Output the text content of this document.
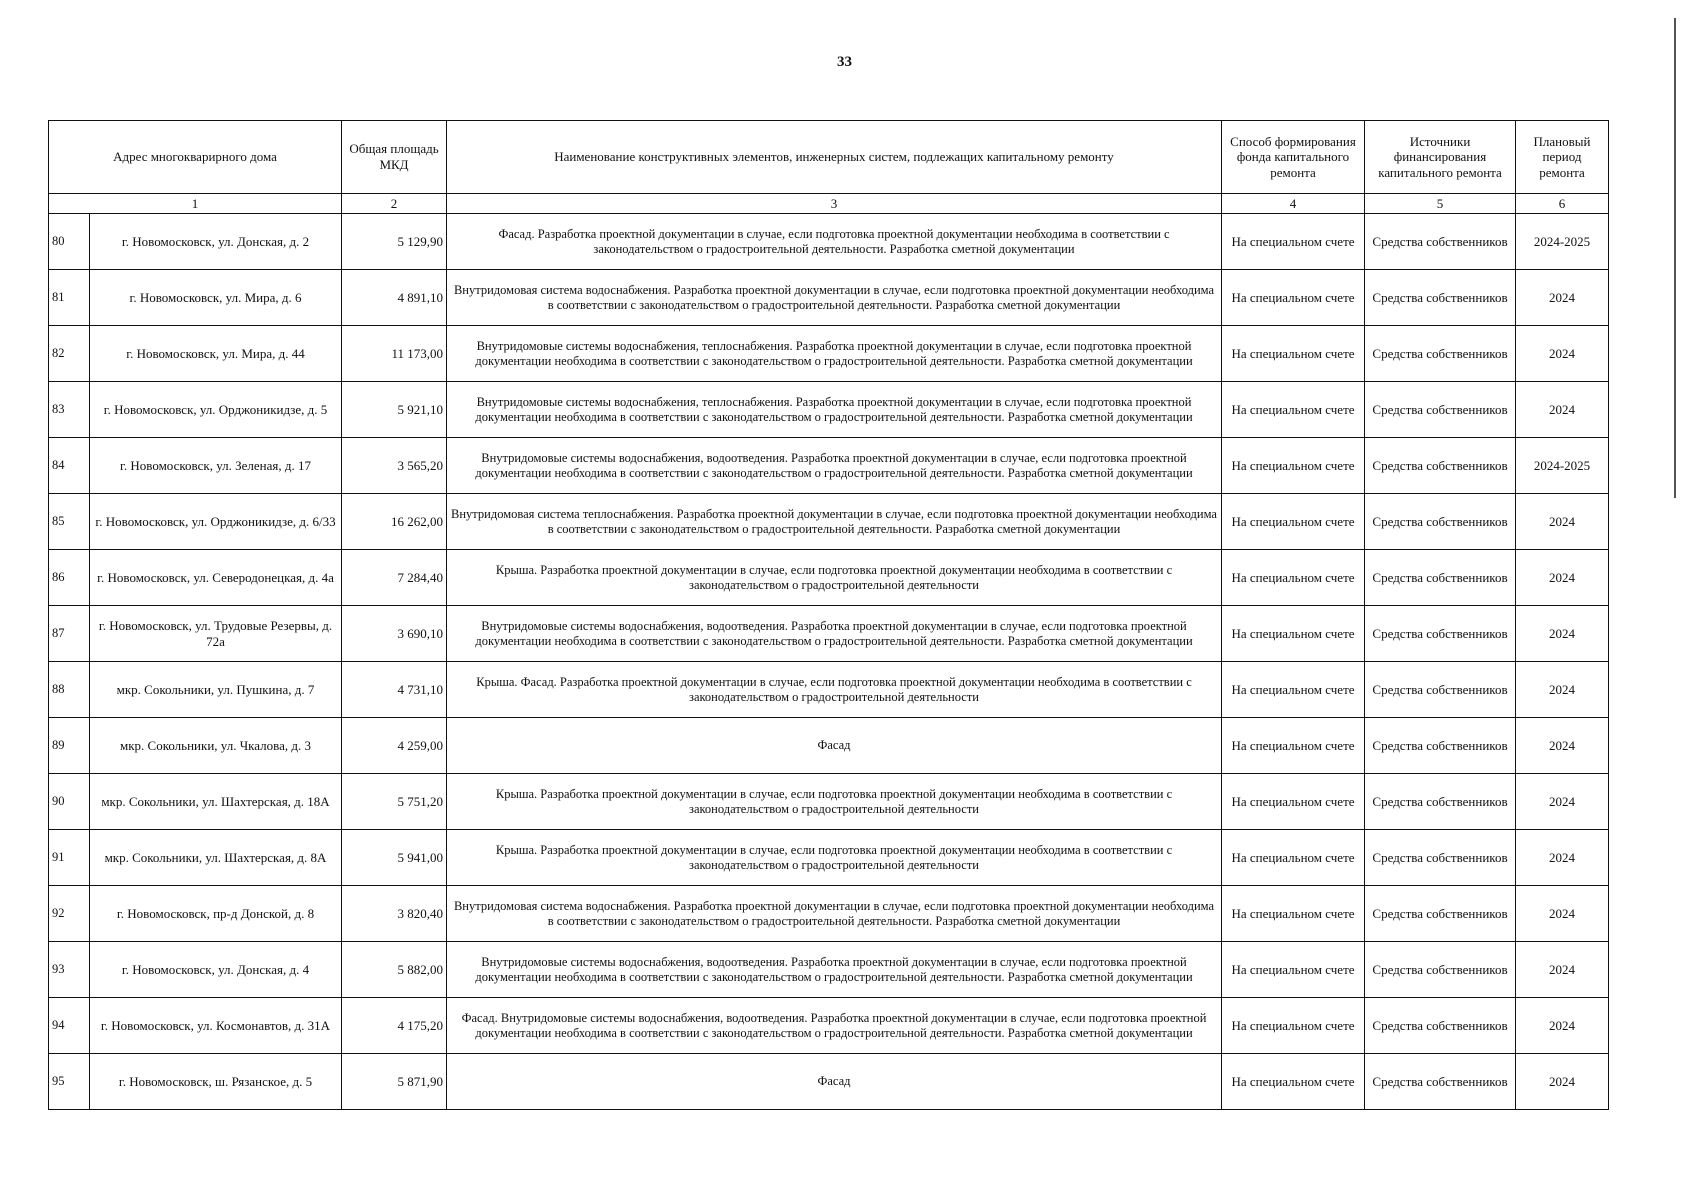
33
Адрес многокварирного дома		Общая площадь МКД	Наименование конструктивных элементов, инженерных систем, подлежащих капитальному ремонту	Способ формирования фонда капитального ремонта	Источники финансирования капитального ремонта	Плановый период ремонта
1		2	3	4	5	6
80	г. Новомосковск, ул. Донская, д. 2	5 129,90	Фасад. Разработка проектной документации в случае, если подготовка проектной документации необходима в соответствии с законодательством о градостроительной деятельности. Разработка сметной документации	На специальном счете	Средства собственников	2024-2025
81	г. Новомосковск, ул. Мира, д. 6	4 891,10	Внутридомовая система водоснабжения. Разработка проектной документации в случае, если подготовка проектной документации необходима в соответствии с законодательством о градостроительной деятельности. Разработка сметной документации	На специальном счете	Средства собственников	2024
82	г. Новомосковск, ул. Мира, д. 44	11 173,00	Внутридомовые системы водоснабжения, теплоснабжения. Разработка проектной документации в случае, если подготовка проектной документации необходима в соответствии с законодательством о градостроительной деятельности. Разработка сметной документации	На специальном счете	Средства собственников	2024
83	г. Новомосковск, ул. Орджоникидзе, д. 5	5 921,10	Внутридомовые системы водоснабжения, теплоснабжения. Разработка проектной документации в случае, если подготовка проектной документации необходима в соответствии с законодательством о градостроительной деятельности. Разработка сметной документации	На специальном счете	Средства собственников	2024
84	г. Новомосковск, ул. Зеленая, д. 17	3 565,20	Внутридомовые системы водоснабжения, водоотведения. Разработка проектной документации в случае, если подготовка проектной документации необходима в соответствии с законодательством о градостроительной деятельности. Разработка сметной документации	На специальном счете	Средства собственников	2024-2025
85	г. Новомосковск, ул. Орджоникидзе, д. 6/33	16 262,00	Внутридомовая система теплоснабжения. Разработка проектной документации в случае, если подготовка проектной документации необходима в соответствии с законодательством о градостроительной деятельности. Разработка сметной документации	На специальном счете	Средства собственников	2024
86	г. Новомосковск, ул. Северодонецкая, д. 4а	7 284,40	Крыша. Разработка проектной документации в случае, если подготовка проектной документации необходима в соответствии с законодательством о градостроительной деятельности	На специальном счете	Средства собственников	2024
87	г. Новомосковск, ул. Трудовые Резервы, д. 72а	3 690,10	Внутридомовые системы водоснабжения, водоотведения. Разработка проектной документации в случае, если подготовка проектной документации необходима в соответствии с законодательством о градостроительной деятельности. Разработка сметной документации	На специальном счете	Средства собственников	2024
88	мкр. Сокольники, ул. Пушкина, д. 7	4 731,10	Крыша. Фасад. Разработка проектной документации в случае, если подготовка проектной документации необходима в соответствии с законодательством о градостроительной деятельности	На специальном счете	Средства собственников	2024
89	мкр. Сокольники, ул. Чкалова, д. 3	4 259,00	Фасад	На специальном счете	Средства собственников	2024
90	мкр. Сокольники, ул. Шахтерская, д. 18А	5 751,20	Крыша. Разработка проектной документации в случае, если подготовка проектной документации необходима в соответствии с законодательством о градостроительной деятельности	На специальном счете	Средства собственников	2024
91	мкр. Сокольники, ул. Шахтерская, д. 8А	5 941,00	Крыша. Разработка проектной документации в случае, если подготовка проектной документации необходима в соответствии с законодательством о градостроительной деятельности	На специальном счете	Средства собственников	2024
92	г. Новомосковск, пр-д Донской, д. 8	3 820,40	Внутридомовая система водоснабжения. Разработка проектной документации в случае, если подготовка проектной документации необходима в соответствии с законодательством о градостроительной деятельности. Разработка сметной документации	На специальном счете	Средства собственников	2024
93	г. Новомосковск, ул. Донская, д. 4	5 882,00	Внутридомовые системы водоснабжения, водоотведения. Разработка проектной документации в случае, если подготовка проектной документации необходима в соответствии с законодательством о градостроительной деятельности. Разработка сметной документации	На специальном счете	Средства собственников	2024
94	г. Новомосковск, ул. Космонавтов, д. 31А	4 175,20	Фасад. Внутридомовые системы водоснабжения, водоотведения. Разработка проектной документации в случае, если подготовка проектной документации необходима в соответствии с законодательством о градостроительной деятельности. Разработка сметной документации	На специальном счете	Средства собственников	2024
95	г. Новомосковск, ш. Рязанское, д. 5	5 871,90	Фасад	На специальном счете	Средства собственников	2024
